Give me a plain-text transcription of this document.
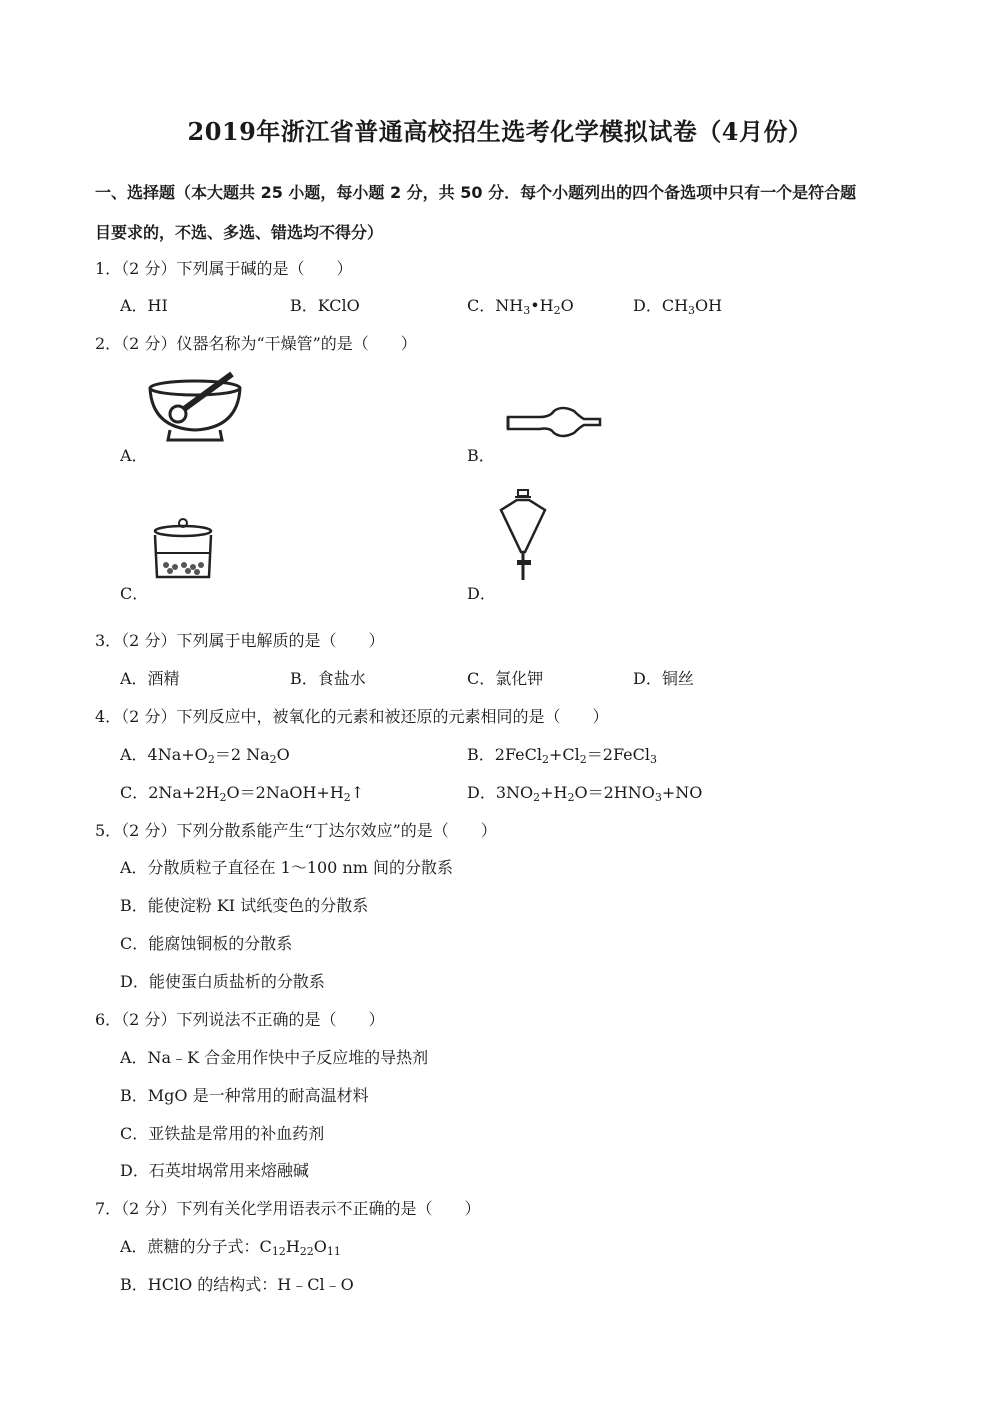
2019年浙江省普通高校招生选考化学模拟试卷（4月份）
一、选择题（本大题共 25 小题，每小题 2 分，共 50 分．每个小题列出的四个备选项中只有一个是符合题
目要求的，不选、多选、错选均不得分）
1．（2 分）下列属于碱的是（　　）
A．HI	B．KClO	C．$NH_3•H_2O$	D．$CH_3OH$
2．（2 分）仪器名称为“干燥管”的是（　　）
A．	B．
C．	D．
3．（2 分）下列属于电解质的是（　　）
A．酒精	B．食盐水	C．氯化钾	D．铜丝
4．（2 分）下列反应中，被氧化的元素和被还原的元素相同的是（　　）
A．$4Na+O_2=2$ $Na_2O$	B．$2FeCl_2+Cl_2=2FeCl_3$
C．$2Na+2H_2O=2NaOH+H_2↑$	D．$3NO_2+H_2O=2HNO_3+NO$
5．（2 分）下列分散系能产生“丁达尔效应”的是（　　）
A．分散质粒子直径在 1～100 nm 间的分散系
B．能使淀粉 KI 试纸变色的分散系
C．能腐蚀铜板的分散系
D．能使蛋白质盐析的分散系
6．（2 分）下列说法不正确的是（　　）
A．Na﹣K 合金用作快中子反应堆的导热剂
B．MgO 是一种常用的耐高温材料
C．亚铁盐是常用的补血药剂
D．石英坩埚常用来熔融碱
7．（2 分）下列有关化学用语表示不正确的是（　　）
A．蔗糖的分子式：$C_{12}H_{22}O_{11}$
B．HClO 的结构式：H﹣Cl﹣O
